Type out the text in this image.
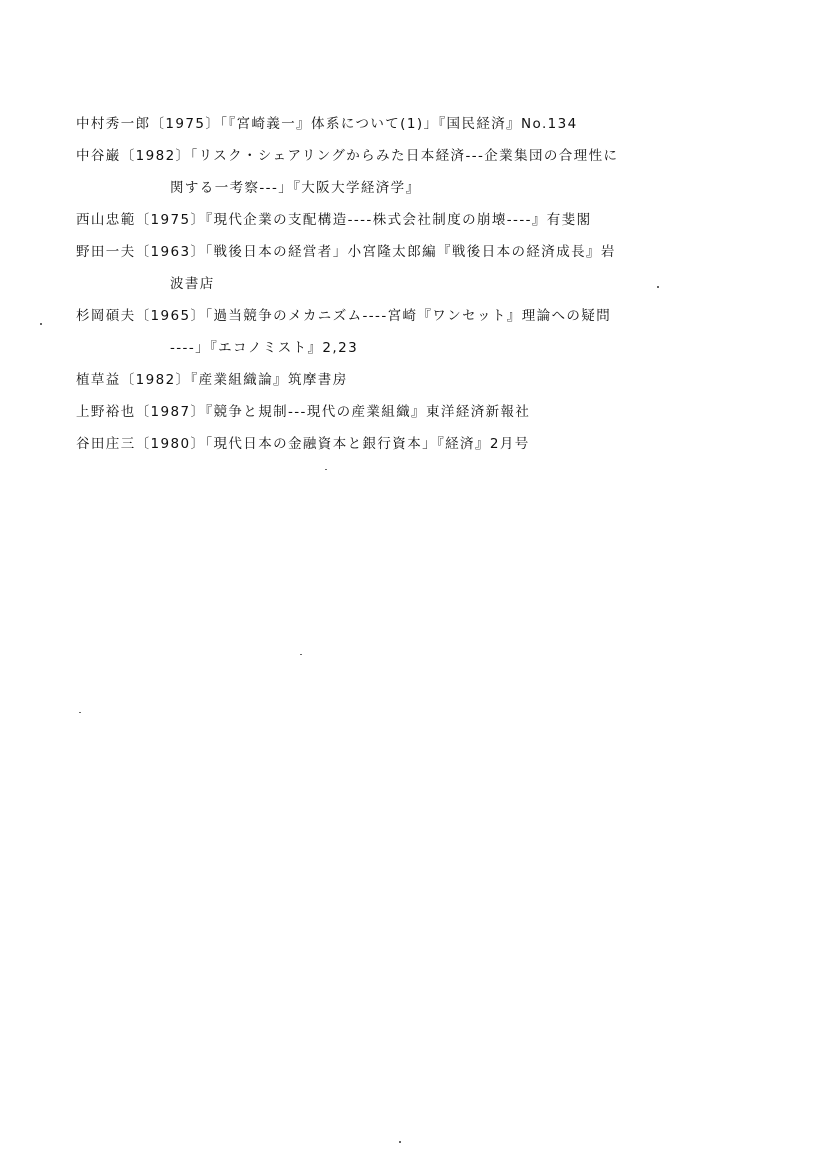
中村秀一郎〔1975〕「『宮崎義一』体系について(1)」『国民経済』No.134
中谷巌〔1982〕「リスク・シェアリングからみた日本経済---企業集団の合理性に
関する一考察---」『大阪大学経済学』
西山忠範〔1975〕『現代企業の支配構造----株式会社制度の崩壊----』有斐閣
野田一夫〔1963〕「戦後日本の経営者」小宮隆太郎編『戦後日本の経済成長』岩
波書店
杉岡碩夫〔1965〕「過当競争のメカニズム----宮崎『ワンセット』理論への疑問
----」『エコノミスト』2,23
植草益〔1982〕『産業組織論』筑摩書房
上野裕也〔1987〕『競争と規制---現代の産業組織』東洋経済新報社
谷田庄三〔1980〕「現代日本の金融資本と銀行資本」『経済』2月号
